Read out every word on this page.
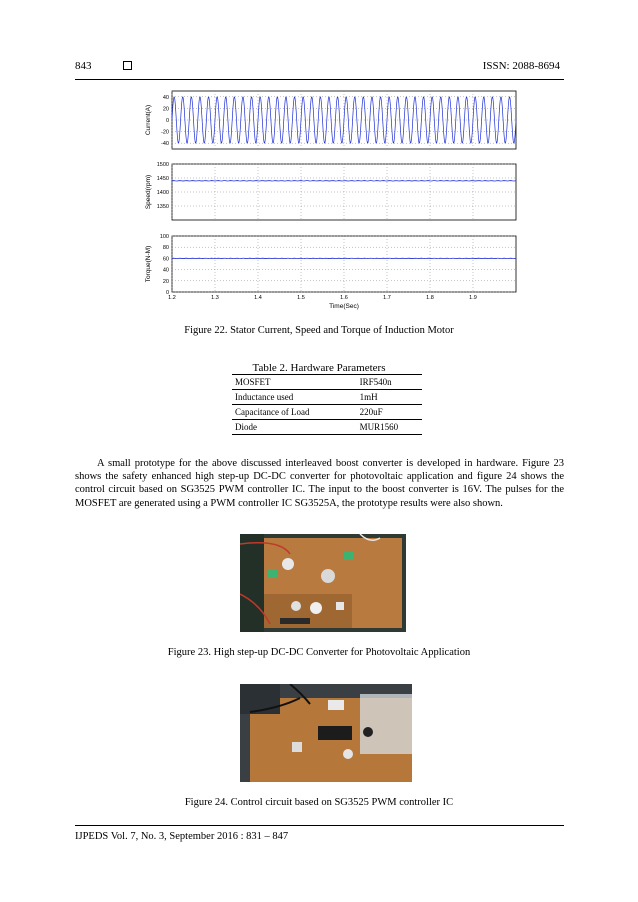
843	ISSN: 2088-8694
40
20
0
-20
-40
Current(A)
1500
1450
1400
1350
Speed(rpm)
100
80
60
40
20
0
Torque(N-M)
1.2	1.3	1.4	1.5	1.6	1.7	1.8	1.9
Time(Sec)
Figure 22. Stator Current, Speed and Torque of Induction Motor
Table 2. Hardware Parameters
MOSFET	IRF540n
Inductance used	1mH
Capacitance of Load	220uF
Diode	MUR1560
A small prototype for the above discussed interleaved boost converter is developed in hardware. Figure 23 shows the safety enhanced high step-up DC-DC converter for photovoltaic application and figure 24 shows the control circuit based on SG3525 PWM controller IC. The input to the boost converter is 16V. The pulses for the MOSFET are generated using a PWM controller IC SG3525A, the prototype results were also shown.
Figure 23. High step-up DC-DC Converter for Photovoltaic Application
Figure 24. Control circuit based on SG3525 PWM controller IC
IJPEDS Vol. 7, No. 3, September 2016 : 831 – 847
